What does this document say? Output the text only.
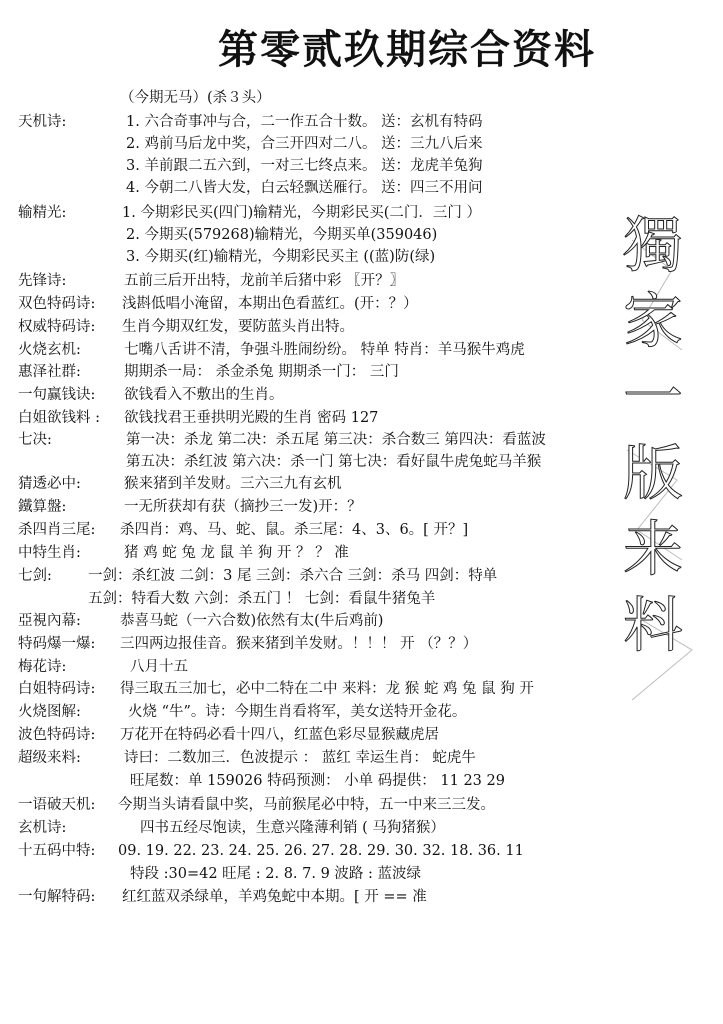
第零贰玖期综合资料
（今期无马）(杀３头）
天机诗:	1. 六合奇事冲与合，二一作五合十数。 送：玄机有特码
2. 鸡前马后龙中奖，合三开四对二八。 送：三九八后来
3. 羊前跟二五六到，一对三七终点来。 送：龙虎羊兔狗
4. 今朝二八皆大发，白云轻飘送雁行。 送：四三不用问
输精光:	1. 今期彩民买(四门)输精光，今期彩民买(二门．三门 ）
2. 今期买(579268)输精光，今期买单(359046)
3. 今期买(红)输精光，今期彩民买主 ((蓝)防(绿)
先锋诗:	五前三后开出特，龙前羊后猪中彩 〖开？〗
双色特码诗: 浅斟低唱小淹留，本期出色看蓝红。(开：？）
权威特码诗: 生肖今期双红发，要防蓝头肖出特。
火烧玄机:	七嘴八舌讲不清，争强斗胜闹纷纷。 特单 特肖：羊马猴牛鸡虎
惠泽社群:	期期杀一局： 杀金杀兔 期期杀一门： 三门
一句赢钱诀: 欲钱看入不敷出的生肖。
白姐欲钱料 : 欲钱找君王垂拱明光殿的生肖 密码 127
七决:	第一决：杀龙 第二决：杀五尾 第三决：杀合数三 第四决：看蓝波
第五决：杀红波 第六决：杀一门 第七决：看好鼠牛虎兔蛇马羊猴
猜透必中:	猴来猪到羊发财。三六三九有玄机
鐵算盤:	一无所获却有获（摘抄三一发)开：？
杀四肖三尾: 杀四肖：鸡、马、蛇、鼠。杀三尾：4、3、6。[ 开？]
中特生肖:	猪 鸡 蛇 兔 龙 鼠 羊 狗 开 ？ ？ 准
七剑: 一剑：杀红波 二剑：3 尾 三剑：杀六合 三剑：杀马 四剑：特单
五剑：特看大数 六剑：杀五门 ！ 七剑：看鼠牛猪兔羊
亞視內幕:	恭喜马蛇（一六合数)依然有太(牛后鸡前)
特码爆一爆: 三四两边报佳音。猴来猪到羊发财。！！！ 开 （？？）
梅花诗:	八月十五
白姐特码诗: 得三取五三加七，必中二特在二中 来料：龙 猴 蛇 鸡 兔 鼠 狗 开
火烧图解:	火烧 “牛”。诗：今期生肖看将军，美女送特开金花。
波色特码诗: 万花开在特码必看十四八，红蓝色彩尽显猴藏虎居
超级来料:	诗曰：二数加三．色波提示 ： 蓝红 幸运生肖： 蛇虎牛
旺尾数：单 159026 特码预测： 小单 码提供： 11 23 29
一语破天机: 今期当头请看鼠中奖，马前猴尾必中特，五一中来三三发。
玄机诗:	四书五经尽饱读，生意兴隆薄利销 ( 马狗猪猴）
十五码中特: 09. 19. 22. 23. 24. 25. 26. 27. 28. 29. 30. 32. 18. 36. 11
特段 :30=42 旺尾 : 2. 8. 7. 9 波路 : 蓝波绿
一句解特码: 红红蓝双杀绿单，羊鸡兔蛇中本期。[ 开 == 准
獨
家
一
版
来
料
